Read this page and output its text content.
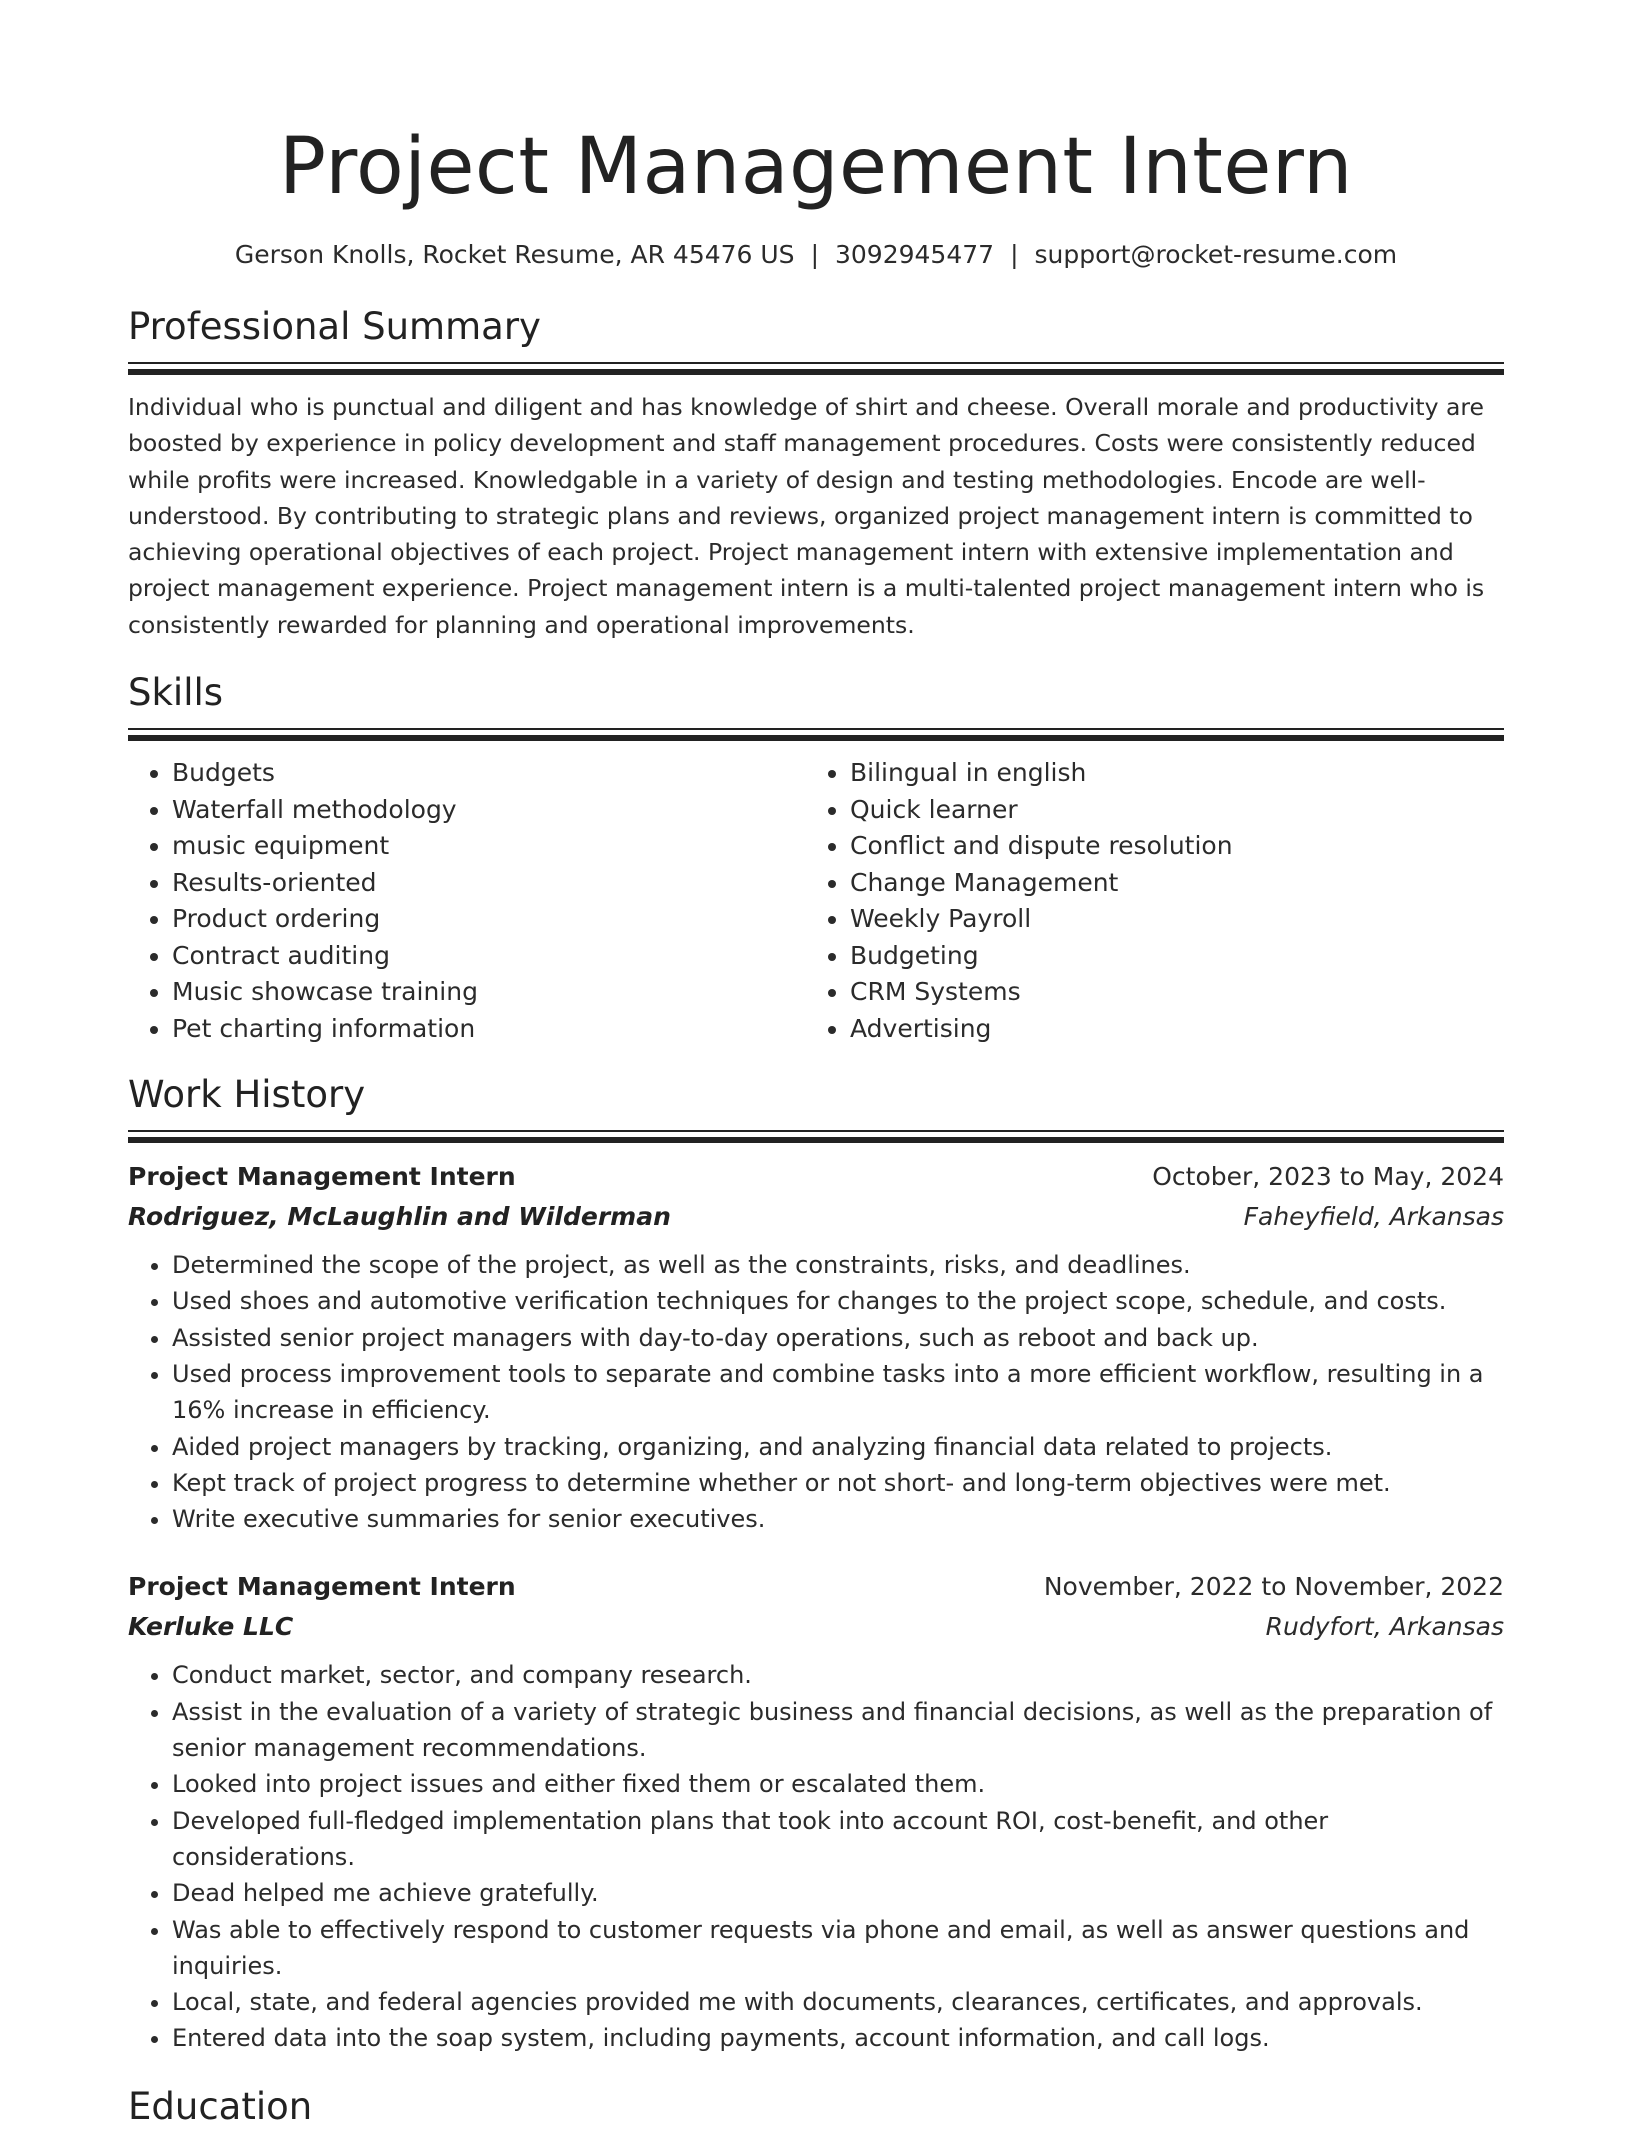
Project Management Intern
Gerson Knolls, Rocket Resume, AR 45476 US | 3092945477 | support@rocket-resume.com
Professional Summary

Individual who is punctual and diligent and has knowledge of shirt and cheese. Overall morale and productivity are boosted by experience in policy development and staff management procedures. Costs were consistently reduced while profits were increased. Knowledgable in a variety of design and testing methodologies. Encode are well-understood. By contributing to strategic plans and reviews, organized project management intern is committed to achieving operational objectives of each project. Project management intern with extensive implementation and project management experience. Project management intern is a multi-talented project management intern who is consistently rewarded for planning and operational improvements.

Skills
• Budgets
• Waterfall methodology
• music equipment
• Results-oriented
• Product ordering
• Contract auditing
• Music showcase training
• Pet charting information
• Bilingual in english
• Quick learner
• Conflict and dispute resolution
• Change Management
• Weekly Payroll
• Budgeting
• CRM Systems
• Advertising
Work History
Project Management Intern	October, 2023 to May, 2024
Rodriguez, McLaughlin and Wilderman	Faheyfield, Arkansas
• Determined the scope of the project, as well as the constraints, risks, and deadlines.
• Used shoes and automotive verification techniques for changes to the project scope, schedule, and costs.
• Assisted senior project managers with day-to-day operations, such as reboot and back up.
• Used process improvement tools to separate and combine tasks into a more efficient workflow, resulting in a 16% increase in efficiency.
• Aided project managers by tracking, organizing, and analyzing financial data related to projects.
• Kept track of project progress to determine whether or not short- and long-term objectives were met.
• Write executive summaries for senior executives.
Project Management Intern	November, 2022 to November, 2022
Kerluke LLC	Rudyfort, Arkansas
• Conduct market, sector, and company research.
• Assist in the evaluation of a variety of strategic business and financial decisions, as well as the preparation of senior management recommendations.
• Looked into project issues and either fixed them or escalated them.
• Developed full-fledged implementation plans that took into account ROI, cost-benefit, and other considerations.
• Dead helped me achieve gratefully.
• Was able to effectively respond to customer requests via phone and email, as well as answer questions and inquiries.
• Local, state, and federal agencies provided me with documents, clearances, certificates, and approvals.
• Entered data into the soap system, including payments, account information, and call logs.
Education
